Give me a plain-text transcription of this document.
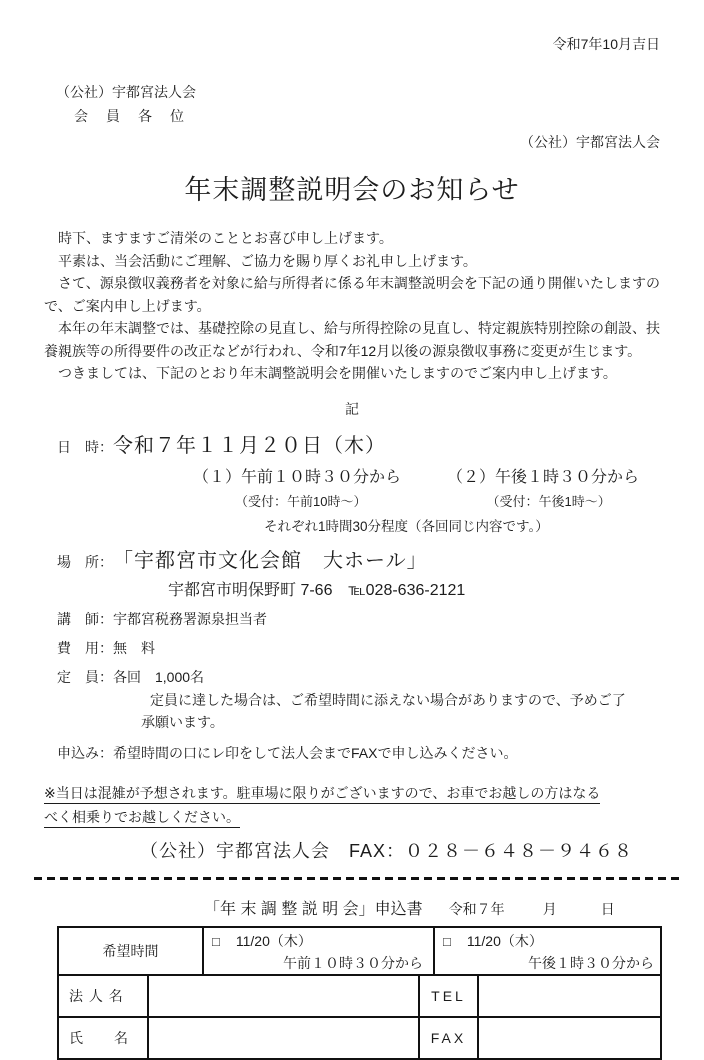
令和7年10月吉日
（公社）宇都宮法人会
会　員　各　位
（公社）宇都宮法人会
年末調整説明会のお知らせ
　時下、ますますご清栄のこととお喜び申し上げます。
　平素は、当会活動にご理解、ご協力を賜り厚くお礼申し上げます。
　さて、源泉徴収義務者を対象に給与所得者に係る年末調整説明会を下記の通り開催いたしますので、ご案内申し上げます。
　本年の年末調整では、基礎控除の見直し、給与所得控除の見直し、特定親族特別控除の創設、扶養親族等の所得要件の改正などが行われ、令和7年12月以後の源泉徴収事務に変更が生じます。
　つきましては、下記のとおり年末調整説明会を開催いたしますのでご案内申し上げます。
記
日　時： 令和７年１１月２０日（木）
（１）午前１０時３０分から	（２）午後１時３０分から
（受付：午前10時～）	（受付：午後1時～）
それぞれ1時間30分程度（各回同じ内容です。）
場　所： 「宇都宮市文化会館　大ホール」
宇都宮市明保野町 7-66　℡028-636-2121
講　師： 宇都宮税務署源泉担当者
費　用： 無　料
定　員： 各回　1,000名
定員に達した場合は、ご希望時間に添えない場合がありますので、予めご了
承願います。
申込み： 希望時間の口にレ印をして法人会までFAXで申し込みください。
※当日は混雑が予想されます。駐車場に限りがございますので、お車でお越しの方はなる
べく相乗りでお越しください。
（公社）宇都宮法人会　FAX：０２８－６４８－９４６８
「年 末 調 整 説 明 会」申込書 令和７年	月	日
希望時間
□ 11/20（木）
午前１０時３０分から
□ 11/20（木）
午後１時３０分から
法 人 名	TEL
氏　　名	FAX
